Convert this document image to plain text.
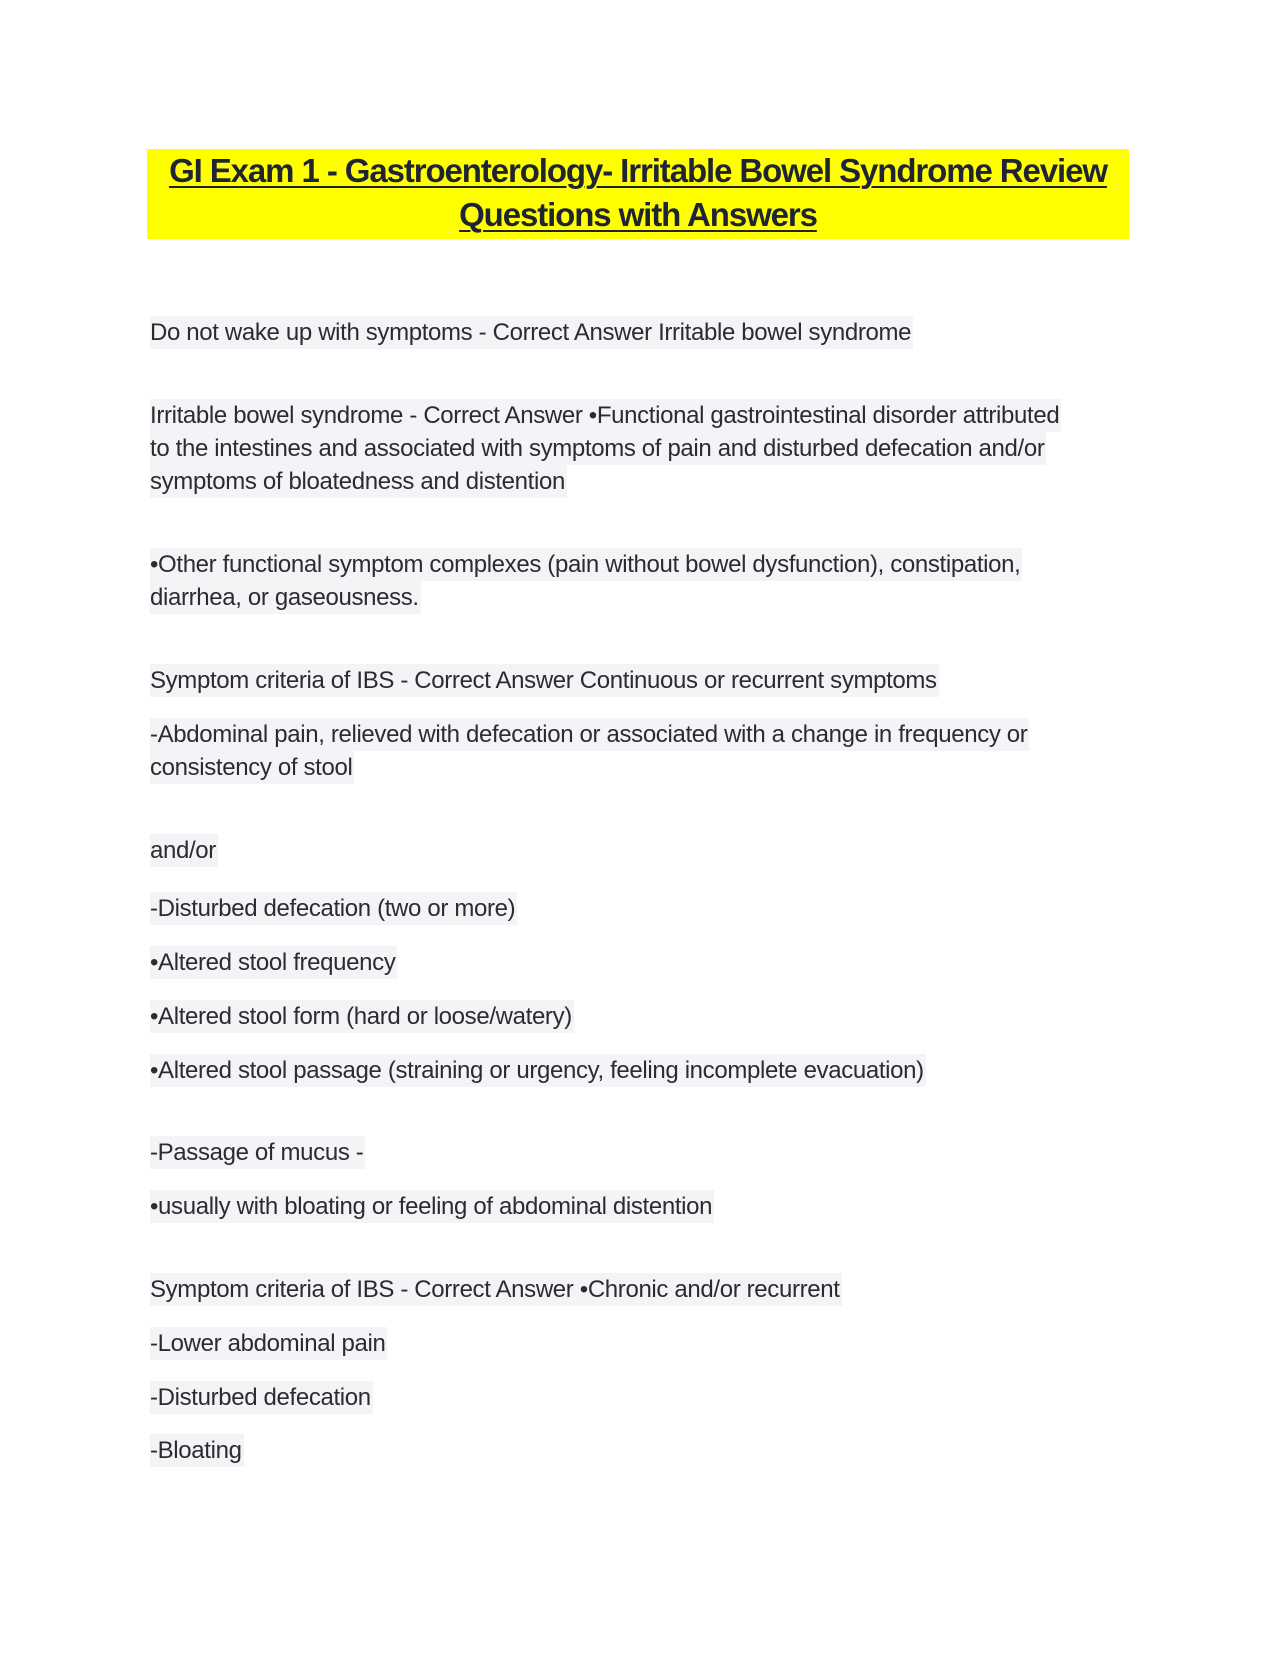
GI Exam 1 - Gastroenterology- Irritable Bowel Syndrome Review
Questions with Answers
Do not wake up with symptoms - Correct Answer Irritable bowel syndrome
Irritable bowel syndrome - Correct Answer •Functional gastrointestinal disorder attributed
to the intestines and associated with symptoms of pain and disturbed defecation and/or
symptoms of bloatedness and distention
•Other functional symptom complexes (pain without bowel dysfunction), constipation,
diarrhea, or gaseousness.
Symptom criteria of IBS - Correct Answer Continuous or recurrent symptoms
-Abdominal pain, relieved with defecation or associated with a change in frequency or
consistency of stool
and/or
-Disturbed defecation (two or more)
•Altered stool frequency
•Altered stool form (hard or loose/watery)
•Altered stool passage (straining or urgency, feeling incomplete evacuation)
-Passage of mucus -
•usually with bloating or feeling of abdominal distention
Symptom criteria of IBS - Correct Answer •Chronic and/or recurrent
-Lower abdominal pain
-Disturbed defecation
-Bloating
